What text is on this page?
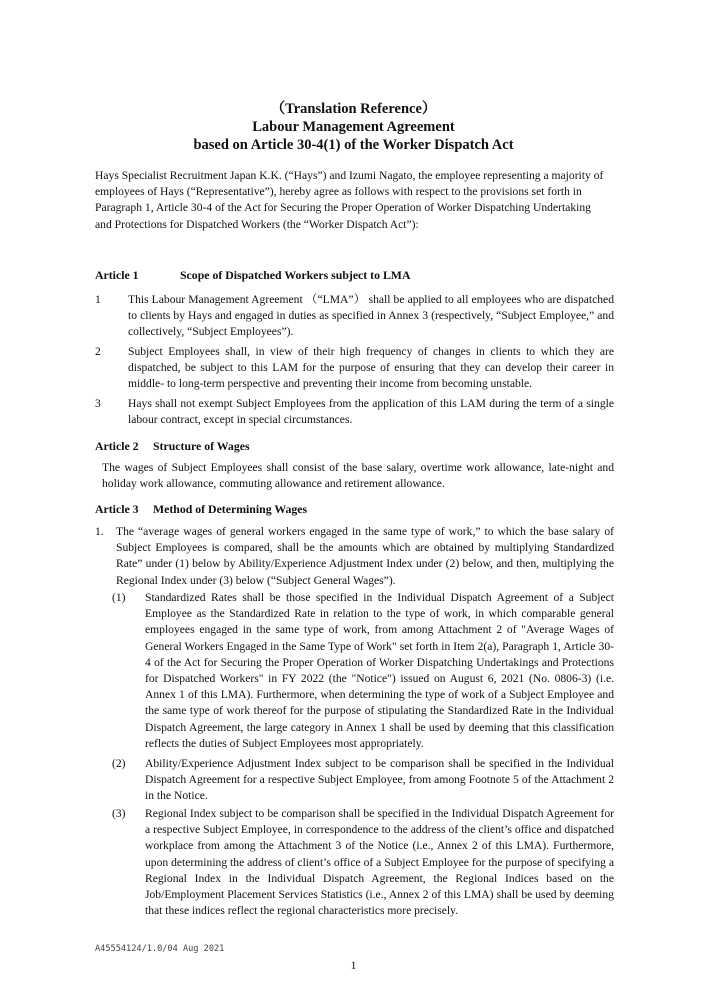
（Translation Reference）

Labour Management Agreement

based on Article 30-4(1) of the Worker Dispatch Act

Hays Specialist Recruitment Japan K.K. (“Hays”) and Izumi Nagato, the employee representing a majority of employees of Hays (“Representative”), hereby agree as follows with respect to the provisions set forth in Paragraph 1, Article 30-4 of the Act for Securing the Proper Operation of Worker Dispatching Undertaking and Protections for Dispatched Workers (the “Worker Dispatch Act”):

Article 1	Scope of Dispatched Workers subject to LMA

1 This Labour Management Agreement （“LMA”） shall be applied to all employees who are dispatched to clients by Hays and engaged in duties as specified in Annex 3 (respectively, “Subject Employee,” and collectively, “Subject Employees”).
2 Subject Employees shall, in view of their high frequency of changes in clients to which they are dispatched, be subject to this LAM for the purpose of ensuring that they can develop their career in middle- to long-term perspective and preventing their income from becoming unstable.
3 Hays shall not exempt Subject Employees from the application of this LAM during the term of a single labour contract, except in special circumstances.

Article 2 Structure of Wages

The wages of Subject Employees shall consist of the base salary, overtime work allowance, late-night and holiday work allowance, commuting allowance and retirement allowance.

Article 3 Method of Determining Wages

1. The “average wages of general workers engaged in the same type of work,” to which the base salary of Subject Employees is compared, shall be the amounts which are obtained by multiplying Standardized Rate” under (1) below by Ability/Experience Adjustment Index under (2) below, and then, multiplying the Regional Index under (3) below (“Subject General Wages”).
(1) Standardized Rates shall be those specified in the Individual Dispatch Agreement of a Subject Employee as the Standardized Rate in relation to the type of work, in which comparable general employees engaged in the same type of work, from among Attachment 2 of "Average Wages of General Workers Engaged in the Same Type of Work" set forth in Item 2(a), Paragraph 1, Article 30-4 of the Act for Securing the Proper Operation of Worker Dispatching Undertakings and Protections for Dispatched Workers" in FY 2022 (the "Notice") issued on August 6, 2021 (No. 0806-3) (i.e. Annex 1 of this LMA). Furthermore, when determining the type of work of a Subject Employee and the same type of work thereof for the purpose of stipulating the Standardized Rate in the Individual Dispatch Agreement, the large category in Annex 1 shall be used by deeming that this classification reflects the duties of Subject Employees most appropriately.
(2) Ability/Experience Adjustment Index subject to be comparison shall be specified in the Individual Dispatch Agreement for a respective Subject Employee, from among Footnote 5 of the Attachment 2 in the Notice.
(3) Regional Index subject to be comparison shall be specified in the Individual Dispatch Agreement for a respective Subject Employee, in correspondence to the address of the client’s office and dispatched workplace from among the Attachment 3 of the Notice (i.e., Annex 2 of this LMA). Furthermore, upon determining the address of client’s office of a Subject Employee for the purpose of specifying a Regional Index in the Individual Dispatch Agreement, the Regional Indices based on the Job/Employment Placement Services Statistics (i.e., Annex 2 of this LMA) shall be used by deeming that these indices reflect the regional characteristics more precisely.
A45554124/1.0/04 Aug 2021
1
